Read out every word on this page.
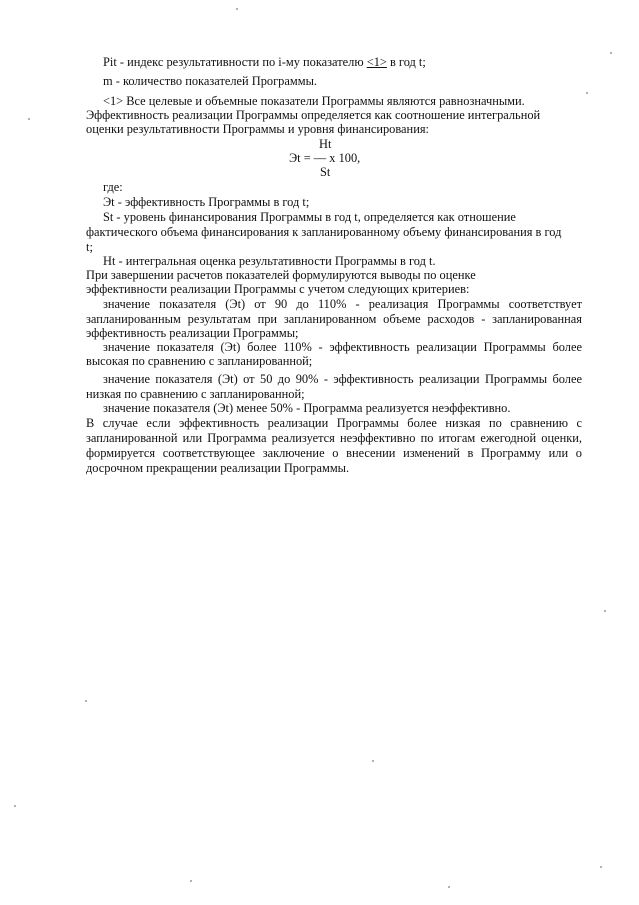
Pit - индекс результативности по i-му показателю <1> в год t;
m - количество показателей Программы.
<1> Все целевые и объемные показатели Программы являются равнозначными.
Эффективность реализации Программы определяется как соотношение интегральной
оценки результативности Программы и уровня финансирования:
Ht
Эt = — x 100,
St
где:
Эt - эффективность Программы в год t;
St - уровень финансирования Программы в год t, определяется как отношение
фактического объема финансирования к запланированному объему финансирования в год
t;
Ht - интегральная оценка результативности Программы в год t.
При завершении расчетов показателей формулируются выводы по оценке
эффективности реализации Программы с учетом следующих критериев:
значение показателя (Эt) от 90 до 110% - реализация Программы соответствует
запланированным результатам при запланированном объеме расходов - запланированная
эффективность реализации Программы;
значение показателя (Эt) более 110% - эффективность реализации Программы более
высокая по сравнению с запланированной;
значение показателя (Эt) от 50 до 90% - эффективность реализации Программы более
низкая по сравнению с запланированной;
значение показателя (Эt) менее 50% - Программа реализуется неэффективно.
В случае если эффективность реализации Программы более низкая по сравнению с
запланированной или Программа реализуется неэффективно по итогам ежегодной оценки,
формируется соответствующее заключение о внесении изменений в Программу или о
досрочном прекращении реализации Программы.
